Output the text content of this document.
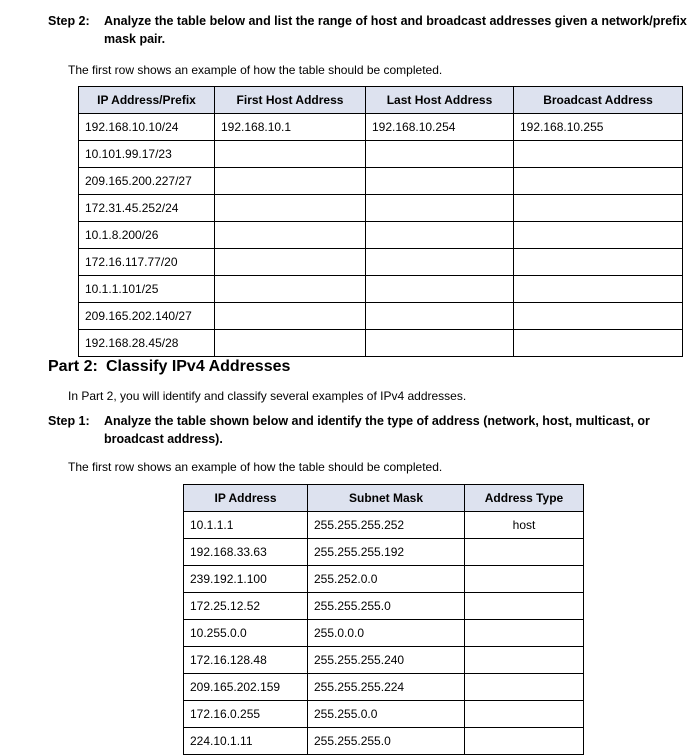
Step 2:	Analyze the table below and list the range of host and broadcast addresses given a network/prefix mask pair.
The first row shows an example of how the table should be completed.
IP Address/Prefix	First Host Address	Last Host Address	Broadcast Address
192.168.10.10/24	192.168.10.1	192.168.10.254	192.168.10.255
10.101.99.17/23			
209.165.200.227/27			
172.31.45.252/24			
10.1.8.200/26			
172.16.117.77/20			
10.1.1.101/25			
209.165.202.140/27			
192.168.28.45/28			
Part 2: Classify IPv4 Addresses
In Part 2, you will identify and classify several examples of IPv4 addresses.
Step 1:	Analyze the table shown below and identify the type of address (network, host, multicast, or broadcast address).
The first row shows an example of how the table should be completed.
IP Address	Subnet Mask	Address Type
10.1.1.1	255.255.255.252	host
192.168.33.63	255.255.255.192	
239.192.1.100	255.252.0.0	
172.25.12.52	255.255.255.0	
10.255.0.0	255.0.0.0	
172.16.128.48	255.255.255.240	
209.165.202.159	255.255.255.224	
172.16.0.255	255.255.0.0	
224.10.1.11	255.255.255.0	
